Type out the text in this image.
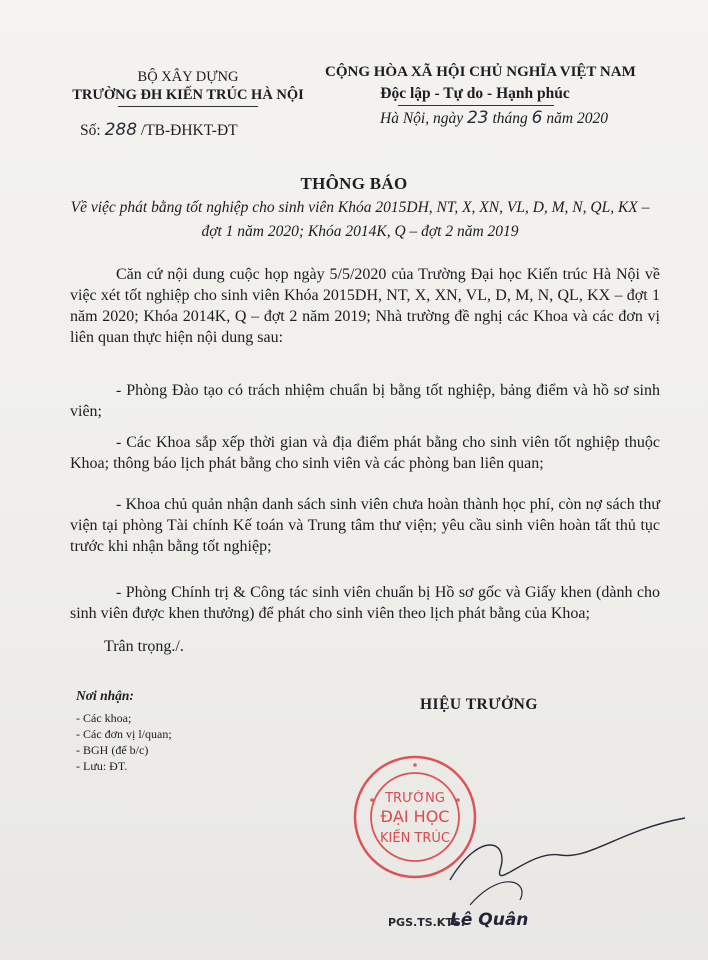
BỘ XÂY DỰNG
TRƯỜNG ĐH KIẾN TRÚC HÀ NỘI
CỘNG HÒA XÃ HỘI CHỦ NGHĨA VIỆT NAM
Độc lập - Tự do - Hạnh phúc
Số: 288 /TB-ĐHKT-ĐT
Hà Nội, ngày 23 tháng 6 năm 2020
THÔNG BÁO
Về việc phát bằng tốt nghiệp cho sinh viên Khóa 2015DH, NT, X, XN, VL, D, M, N, QL, KX – đợt 1 năm 2020; Khóa 2014K, Q – đợt 2 năm 2019
Căn cứ nội dung cuộc họp ngày 5/5/2020 của Trường Đại học Kiến trúc Hà Nội về việc xét tốt nghiệp cho sinh viên Khóa 2015DH, NT, X, XN, VL, D, M, N, QL, KX – đợt 1 năm 2020; Khóa 2014K, Q – đợt 2 năm 2019; Nhà trường đề nghị các Khoa và các đơn vị liên quan thực hiện nội dung sau:
- Phòng Đào tạo có trách nhiệm chuẩn bị bằng tốt nghiệp, bảng điểm và hồ sơ sinh viên;
- Các Khoa sắp xếp thời gian và địa điểm phát bằng cho sinh viên tốt nghiệp thuộc Khoa; thông báo lịch phát bằng cho sinh viên và các phòng ban liên quan;
- Khoa chủ quản nhận danh sách sinh viên chưa hoàn thành học phí, còn nợ sách thư viện tại phòng Tài chính Kế toán và Trung tâm thư viện; yêu cầu sinh viên hoàn tất thủ tục trước khi nhận bằng tốt nghiệp;
- Phòng Chính trị & Công tác sinh viên chuẩn bị Hồ sơ gốc và Giấy khen (dành cho sinh viên được khen thưởng) để phát cho sinh viên theo lịch phát bằng của Khoa;
Trân trọng./.
Nơi nhận:
- Các khoa;
- Các đơn vị l/quan;
- BGH (để b/c)
- Lưu: ĐT.
HIỆU TRƯỞNG
TRƯỜNG
ĐẠI HỌC
KIẾN TRÚC
PGS.TS.KTS.
Lê Quân
